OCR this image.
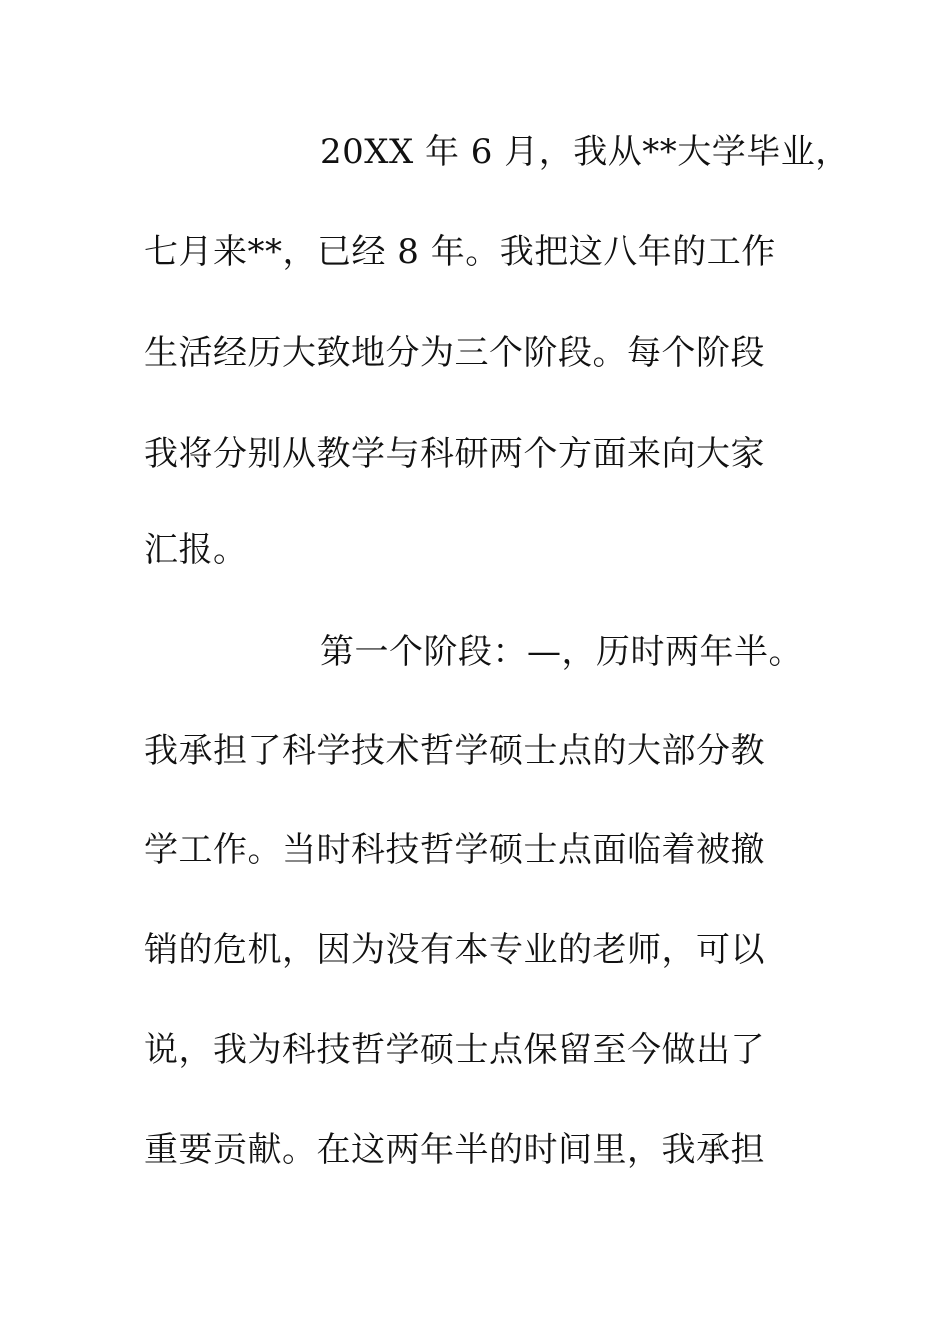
20XX 年 6 月，我从**大学毕业，
七月来**，已经 8 年。我把这八年的工作
生活经历大致地分为三个阶段。每个阶段
我将分别从教学与科研两个方面来向大家
汇报。
第一个阶段：—，历时两年半。
我承担了科学技术哲学硕士点的大部分教
学工作。当时科技哲学硕士点面临着被撤
销的危机，因为没有本专业的老师，可以
说，我为科技哲学硕士点保留至今做出了
重要贡献。在这两年半的时间里，我承担
